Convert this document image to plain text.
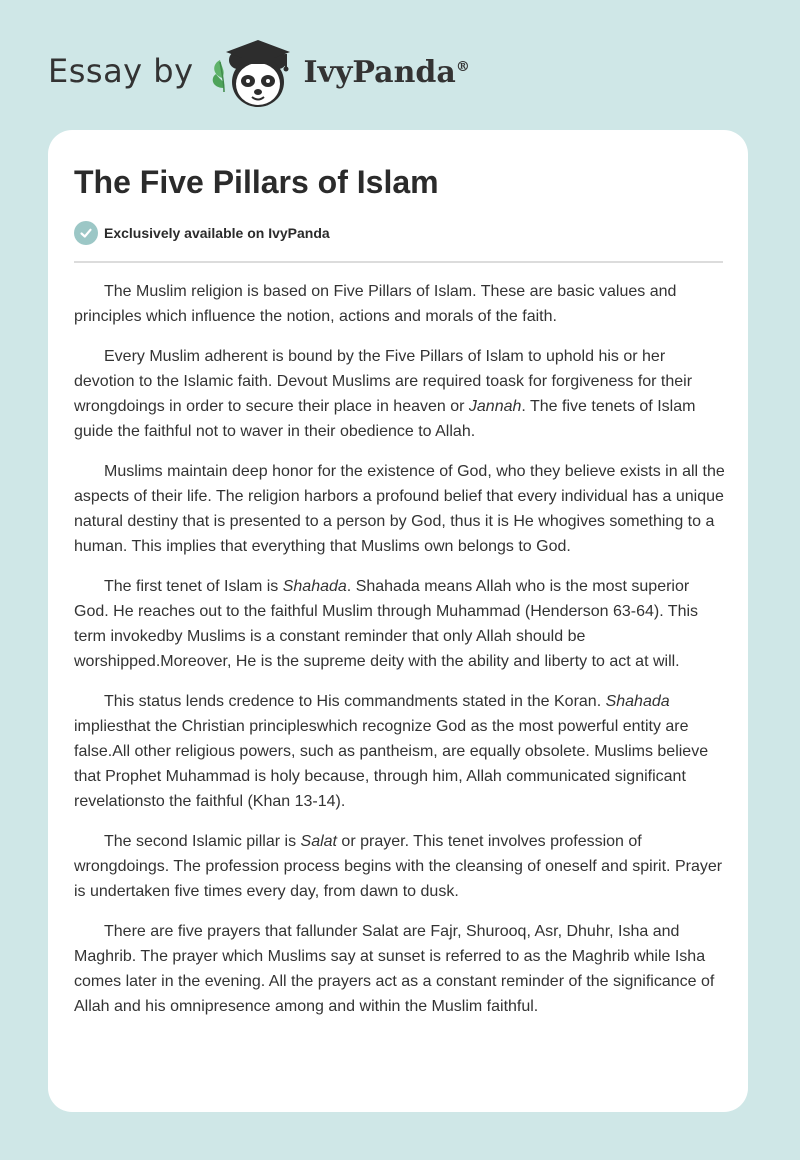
Essay by	IvyPanda®
The Five Pillars of Islam
Exclusively available on IvyPanda

The Muslim religion is based on Five Pillars of Islam. These are basic values and principles which influence the notion, actions and morals of the faith.

Every Muslim adherent is bound by the Five Pillars of Islam to uphold his or her devotion to the Islamic faith. Devout Muslims are required toask for forgiveness for their wrongdoings in order to secure their place in heaven or Jannah. The five tenets of Islam guide the faithful not to waver in their obedience to Allah.

Muslims maintain deep honor for the existence of God, who they believe exists in all the aspects of their life. The religion harbors a profound belief that every individual has a unique natural destiny that is presented to a person by God, thus it is He whogives something to a human. This implies that everything that Muslims own belongs to God.

The first tenet of Islam is Shahada. Shahada means Allah who is the most superior God. He reaches out to the faithful Muslim through Muhammad (Henderson 63-64). This term invokedby Muslims is a constant reminder that only Allah should be worshipped.Moreover, He is the supreme deity with the ability and liberty to act at will.

This status lends credence to His commandments stated in the Koran. Shahada impliesthat the Christian principleswhich recognize God as the most powerful entity are false.All other religious powers, such as pantheism, are equally obsolete. Muslims believe that Prophet Muhammad is holy because, through him, Allah communicated significant revelationsto the faithful (Khan 13-14).

The second Islamic pillar is Salat or prayer. This tenet involves profession of wrongdoings. The profession process begins with the cleansing of oneself and spirit. Prayer is undertaken five times every day, from dawn to dusk.

There are five prayers that fallunder Salat are Fajr, Shurooq, Asr, Dhuhr, Isha and Maghrib. The prayer which Muslims say at sunset is referred to as the Maghrib while Isha comes later in the evening. All the prayers act as a constant reminder of the significance of Allah and his omnipresence among and within the Muslim faithful.
